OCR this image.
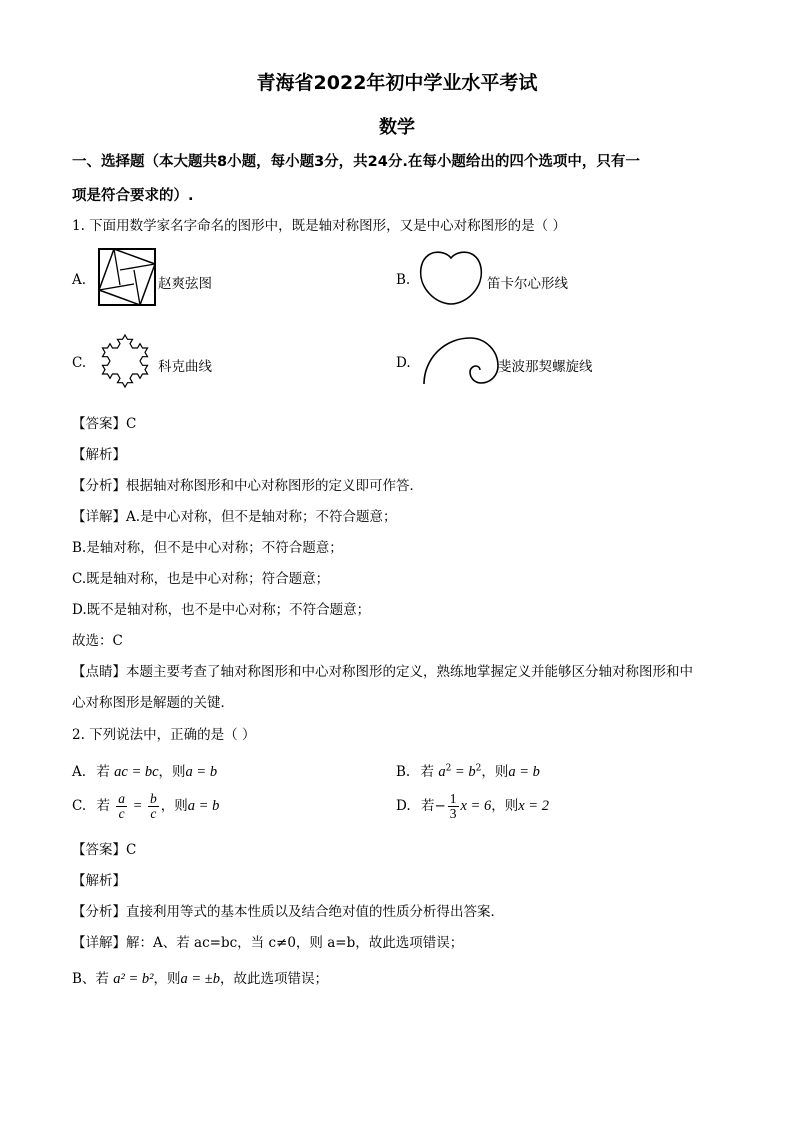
青海省2022年初中学业水平考试
数学
一、选择题（本大题共8小题，每小题3分，共24分.在每小题给出的四个选项中，只有一
项是符合要求的）.
1. 下面用数学家名字命名的图形中，既是轴对称图形，又是中心对称图形的是（ ）
A.	赵爽弦图	B.	笛卡尔心形线
C.	科克曲线	D.	斐波那契螺旋线
【答案】C
【解析】
【分析】根据轴对称图形和中心对称图形的定义即可作答．
【详解】A.是中心对称，但不是轴对称；不符合题意；
B.是轴对称，但不是中心对称；不符合题意；
C.既是轴对称，也是中心对称；符合题意；
D.既不是轴对称，也不是中心对称；不符合题意；
故选：C
【点睛】本题主要考查了轴对称图形和中心对称图形的定义，熟练地掌握定义并能够区分轴对称图形和中
心对称图形是解题的关键．
2. 下列说法中，正确的是（ ）
A. 若 ac = bc，则a = b	B. 若 $a^2 = b^2$，则a = b
C. 若 $\frac{a}{c} = \frac{b}{c}$ ，则a = b	D. 若− $\frac{1}{3}$ x = 6，则x = 2
【答案】C
【解析】
【分析】直接利用等式的基本性质以及结合绝对值的性质分析得出答案．
【详解】解：A、若 ac=bc，当 c≠0，则 a=b，故此选项错误；
B、若 a² = b²，则a = ±b，故此选项错误；
